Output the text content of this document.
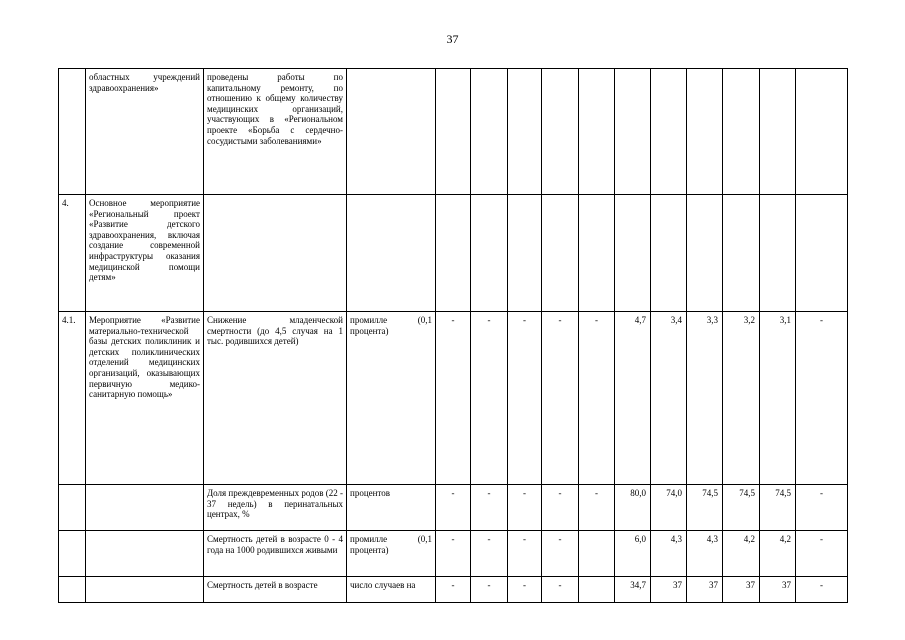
37
	областных учреждений здравоохранения»	проведены работы по капитальному ремонту, по отношению к общему количеству медицинских организаций, участвующих в «Региональном проекте «Борьба с сердечно-сосудистыми заболеваниями»												
4.	Основное мероприятие «Региональный проект «Развитие детского здравоохранения, включая создание современной инфраструктуры оказания медицинской помощи детям»													
4.1.	Мероприятие «Развитие материально-технической базы детских поликлиник и детских поликлинических отделений медицинских организаций, оказывающих первичную медико-санитарную помощь»	Снижение младенческой смертности (до 4,5 случая на 1 тыс. родившихся детей)	промилле (0,1 процента)	-	-	-	-	-	4,7	3,4	3,3	3,2	3,1	-
		Доля преждевременных родов (22 - 37 недель) в перинатальных центрах, %	процентов	-	-	-	-	-	80,0	74,0	74,5	74,5	74,5	-
		Смертность детей в возрасте 0 - 4 года на 1000 родившихся живыми	промилле (0,1 процента)	-	-	-	-		6,0	4,3	4,3	4,2	4,2	-
		Смертность детей в возрасте	число случаев на	-	-	-	-		34,7	37	37	37	37	-
